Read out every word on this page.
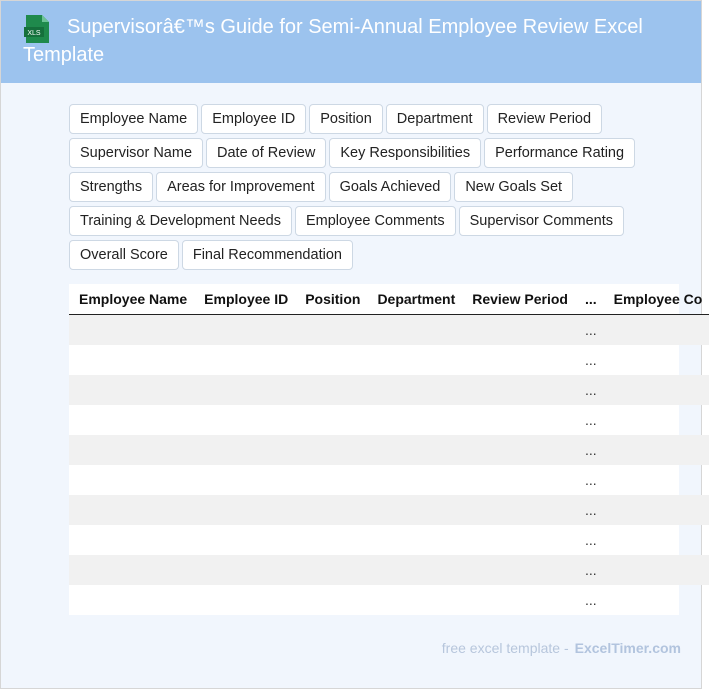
XLS	Supervisorâ€™s Guide for Semi-Annual Employee Review Excel Template
Employee Name	Employee ID	Position	Department	Review Period
Supervisor Name	Date of Review	Key Responsibilities	Performance Rating
Strengths	Areas for Improvement	Goals Achieved	New Goals Set
Training & Development Needs	Employee Comments	Supervisor Comments
Overall Score	Final Recommendation
Employee Name	Employee ID	Position	Department	Review Period	...	Employee Co
					...	
					...	
					...	
					...	
					...	
					...	
					...	
					...	
					...	
					...	
free excel template - ExcelTimer.com
